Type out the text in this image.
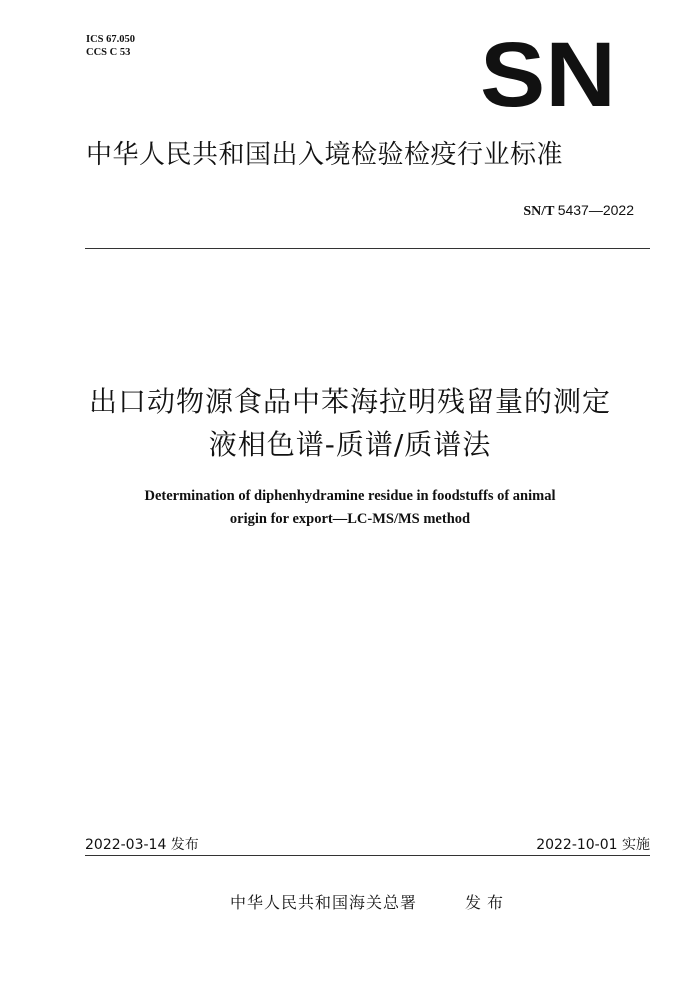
ICS 67.050
CCS C 53	SN
中华人民共和国出入境检验检疫行业标准
SN/T 5437—2022
出口动物源食品中苯海拉明残留量的测定
液相色谱-质谱/质谱法
Determination of diphenhydramine residue in foodstuffs of animal
origin for export—LC-MS/MS method
2022-03-14 发布	2022-10-01 实施
中华人民共和国海关总署	发布
